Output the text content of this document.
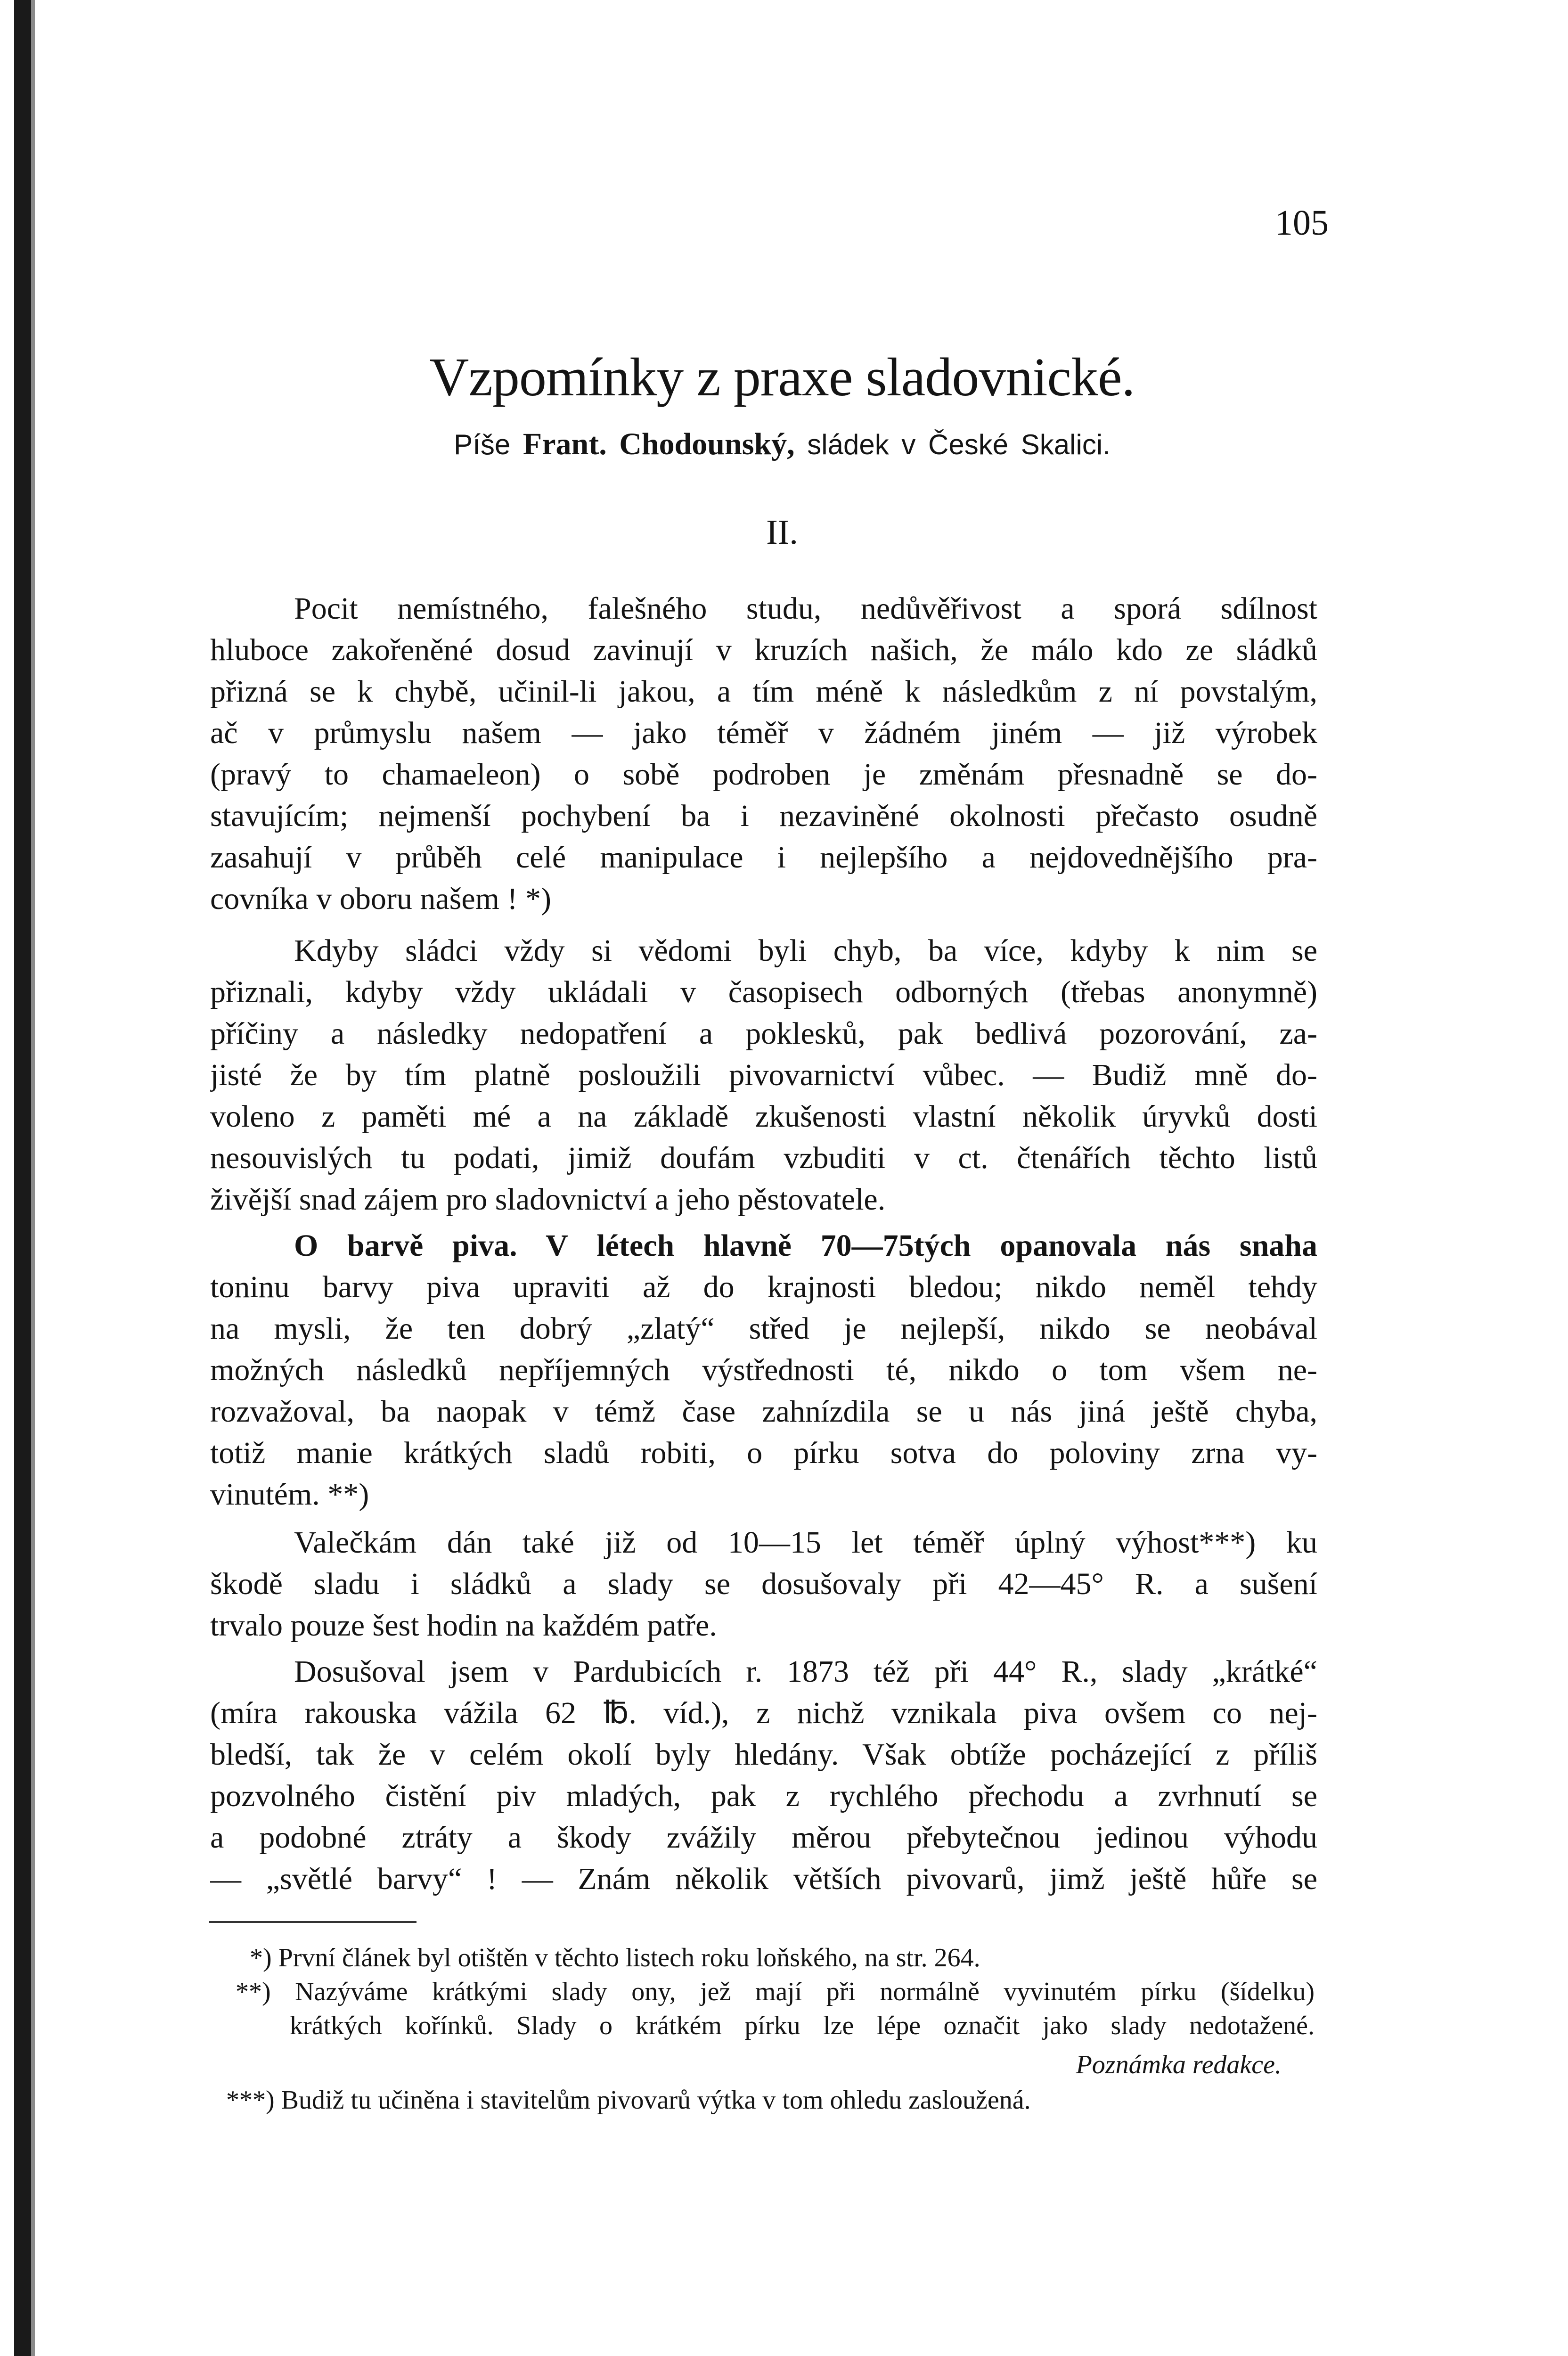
105
Vzpomínky z praxe sladovnické.
Píše Frant. Chodounský, sládek v České Skalici.
II.
Pocit nemístného, falešného studu, nedůvěřivost a sporá sdílnost
hluboce zakořeněné dosud zavinují v kruzích našich, že málo kdo ze sládků
přizná se k chybě, učinil-li jakou, a tím méně k následkům z ní povstalým,
ač v průmyslu našem — jako téměř v žádném jiném — již výrobek
(pravý to chamaeleon) o sobě podroben je změnám přesnadně se do-
stavujícím; nejmenší pochybení ba i nezaviněné okolnosti přečasto osudně
zasahují v průběh celé manipulace i nejlepšího a nejdovednějšího pra-
covníka v oboru našem ! *)
Kdyby sládci vždy si vědomi byli chyb, ba více, kdyby k nim se
přiznali, kdyby vždy ukládali v časopisech odborných (třebas anonymně)
příčiny a následky nedopatření a poklesků, pak bedlivá pozorování, za-
jisté že by tím platně posloužili pivovarnictví vůbec. — Budiž mně do-
voleno z paměti mé a na základě zkušenosti vlastní několik úryvků dosti
nesouvislých tu podati, jimiž doufám vzbuditi v ct. čtenářích těchto listů
živější snad zájem pro sladovnictví a jeho pěstovatele.
O barvě piva. V létech hlavně 70—75tých opanovala nás snaha
toninu barvy piva upraviti až do krajnosti bledou; nikdo neměl tehdy
na mysli, že ten dobrý „zlatý“ střed je nejlepší, nikdo se neobával
možných následků nepříjemných výstřednosti té, nikdo o tom všem ne-
rozvažoval, ba naopak v témž čase zahnízdila se u nás jiná ještě chyba,
totiž manie krátkých sladů robiti, o pírku sotva do poloviny zrna vy-
vinutém. **)
Valečkám dán také již od 10—15 let téměř úplný výhost***) ku
škodě sladu i sládků a slady se dosušovaly při 42—45° R. a sušení
trvalo pouze šest hodin na každém patře.
Dosušoval jsem v Pardubicích r. 1873 též při 44° R., slady „krátké“
(míra rakouska vážila 62 ℔. víd.), z nichž vznikala piva ovšem co nej-
bledší, tak že v celém okolí byly hledány. Však obtíže pocházející z příliš
pozvolného čistění piv mladých, pak z rychlého přechodu a zvrhnutí se
a podobné ztráty a škody zvážily měrou přebytečnou jedinou výhodu
— „světlé barvy“ ! — Znám několik větších pivovarů, jimž ještě hůře se
*) První článek byl otištěn v těchto listech roku loňského, na str. 264.
**) Nazýváme krátkými slady ony, jež mají při normálně vyvinutém pírku (šídelku)
krátkých kořínků. Slady o krátkém pírku lze lépe označit jako slady nedotažené.
Poznámka redakce.
***) Budiž tu učiněna i stavitelům pivovarů výtka v tom ohledu zasloužená.
